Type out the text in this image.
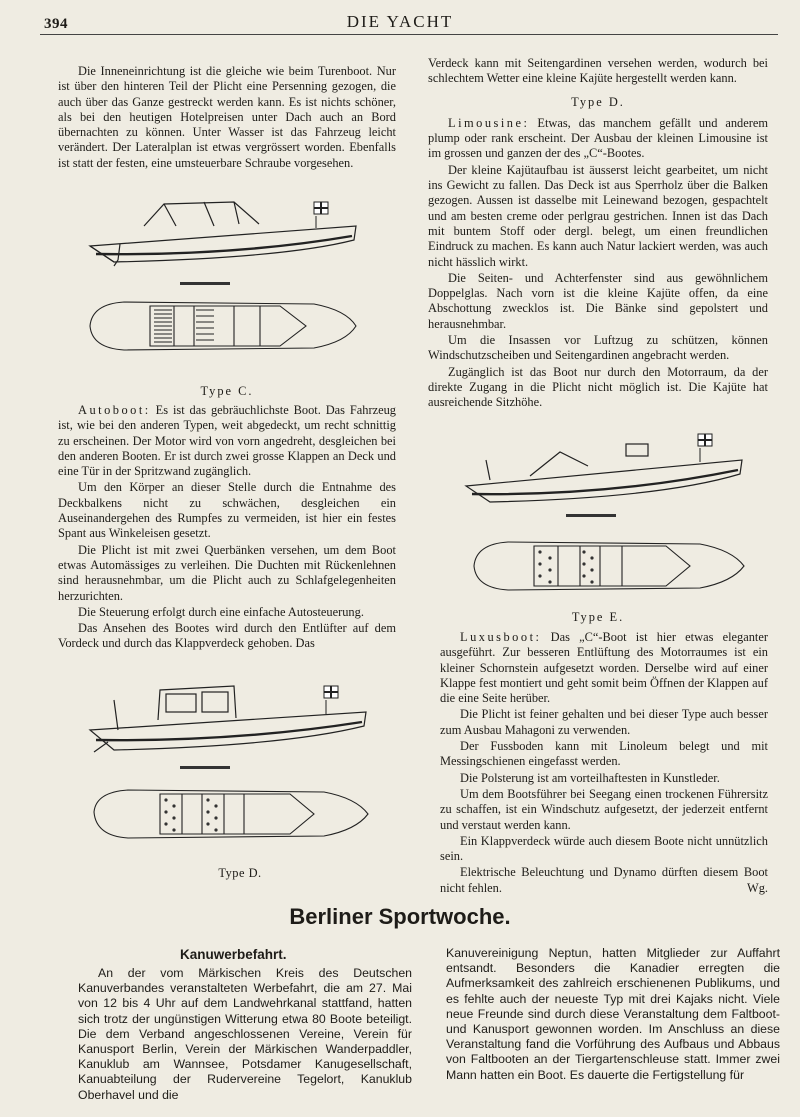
394	DIE YACHT

Die Inneneinrichtung ist die gleiche wie beim Turenboot. Nur ist über den hinteren Teil der Plicht eine Persenning gezogen, die auch über das Ganze gestreckt werden kann. Es ist nichts schöner, als bei den heutigen Hotelpreisen unter Dach auch an Bord übernachten zu können. Unter Wasser ist das Fahrzeug leicht verändert. Der Lateralplan ist etwas vergrössert worden. Ebenfalls ist statt der festen, eine umsteuerbare Schraube vorgesehen.

Type C.

Autoboot: Es ist das gebräuchlichste Boot. Das Fahrzeug ist, wie bei den anderen Typen, weit abgedeckt, um recht schnittig zu erscheinen. Der Motor wird von vorn angedreht, desgleichen bei den anderen Booten. Er ist durch zwei grosse Klappen an Deck und eine Tür in der Spritzwand zugänglich.

Um den Körper an dieser Stelle durch die Entnahme des Deckbalkens nicht zu schwächen, desgleichen ein Auseinandergehen des Rumpfes zu vermeiden, ist hier ein festes Spant aus Winkeleisen gesetzt.

Die Plicht ist mit zwei Querbänken versehen, um dem Boot etwas Automässiges zu verleihen. Die Duchten mit Rückenlehnen sind herausnehmbar, um die Plicht auch zu Schlafgelegenheiten herzurichten.

Die Steuerung erfolgt durch eine einfache Autosteuerung.

Das Ansehen des Bootes wird durch den Entlüfter auf dem Vordeck und durch das Klappverdeck gehoben. Das

Type D.

Verdeck kann mit Seitengardinen versehen werden, wodurch bei schlechtem Wetter eine kleine Kajüte hergestellt werden kann.

Type D.

Limousine: Etwas, das manchem gefällt und anderem plump oder rank erscheint. Der Ausbau der kleinen Limousine ist im grossen und ganzen der des „C“-Bootes.

Der kleine Kajütaufbau ist äusserst leicht gearbeitet, um nicht ins Gewicht zu fallen. Das Deck ist aus Sperrholz über die Balken gezogen. Aussen ist dasselbe mit Leinewand bezogen, gespachtelt und am besten creme oder perlgrau gestrichen. Innen ist das Dach mit buntem Stoff oder dergl. belegt, um einen freundlichen Eindruck zu machen. Es kann auch Natur lackiert werden, was auch nicht hässlich wirkt.

Die Seiten- und Achterfenster sind aus gewöhnlichem Doppelglas. Nach vorn ist die kleine Kajüte offen, da eine Abschottung zwecklos ist. Die Bänke sind gepolstert und herausnehmbar.

Um die Insassen vor Luftzug zu schützen, können Windschutzscheiben und Seitengardinen angebracht werden.

Zugänglich ist das Boot nur durch den Motorraum, da der direkte Zugang in die Plicht nicht möglich ist. Die Kajüte hat ausreichende Sitzhöhe.

Type E.

Luxusboot: Das „C“-Boot ist hier etwas eleganter ausgeführt. Zur besseren Entlüftung des Motorraumes ist ein kleiner Schornstein aufgesetzt worden. Derselbe wird auf einer Klappe fest montiert und geht somit beim Öffnen der Klappen auf die eine Seite herüber.

Die Plicht ist feiner gehalten und bei dieser Type auch besser zum Ausbau Mahagoni zu verwenden.

Der Fussboden kann mit Linoleum belegt und mit Messingschienen eingefasst werden.

Die Polsterung ist am vorteilhaftesten in Kunstleder.

Um dem Bootsführer bei Seegang einen trockenen Führersitz zu schaffen, ist ein Windschutz aufgesetzt, der jederzeit entfernt und verstaut werden kann.

Ein Klappverdeck würde auch diesem Boote nicht unnützlich sein.

Elektrische Beleuchtung und Dynamo dürften diesem Boot nicht fehlen.	Wg.

Berliner Sportwoche.
Kanuwerbefahrt.

An der vom Märkischen Kreis des Deutschen Kanuverbandes veranstalteten Werbefahrt, die am 27. Mai von 12 bis 4 Uhr auf dem Landwehrkanal stattfand, hatten sich trotz der ungünstigen Witterung etwa 80 Boote beteiligt. Die dem Verband angeschlossenen Vereine, Verein für Kanusport Berlin, Verein der Märkischen Wanderpaddler, Kanuklub am Wannsee, Potsdamer Kanugesellschaft, Kanuabteilung der Rudervereine Tegelort, Kanuklub Oberhavel und die

Kanuvereinigung Neptun, hatten Mitglieder zur Auffahrt entsandt. Besonders die Kanadier erregten die Aufmerksamkeit des zahlreich erschienenen Publikums, und es fehlte auch der neueste Typ mit drei Kajaks nicht. Viele neue Freunde sind durch diese Veranstaltung dem Faltboot- und Kanusport gewonnen worden. Im Anschluss an diese Veranstaltung fand die Vorführung des Aufbaus und Abbaus von Faltbooten an der Tiergartenschleuse statt. Immer zwei Mann hatten ein Boot. Es dauerte die Fertigstellung für
